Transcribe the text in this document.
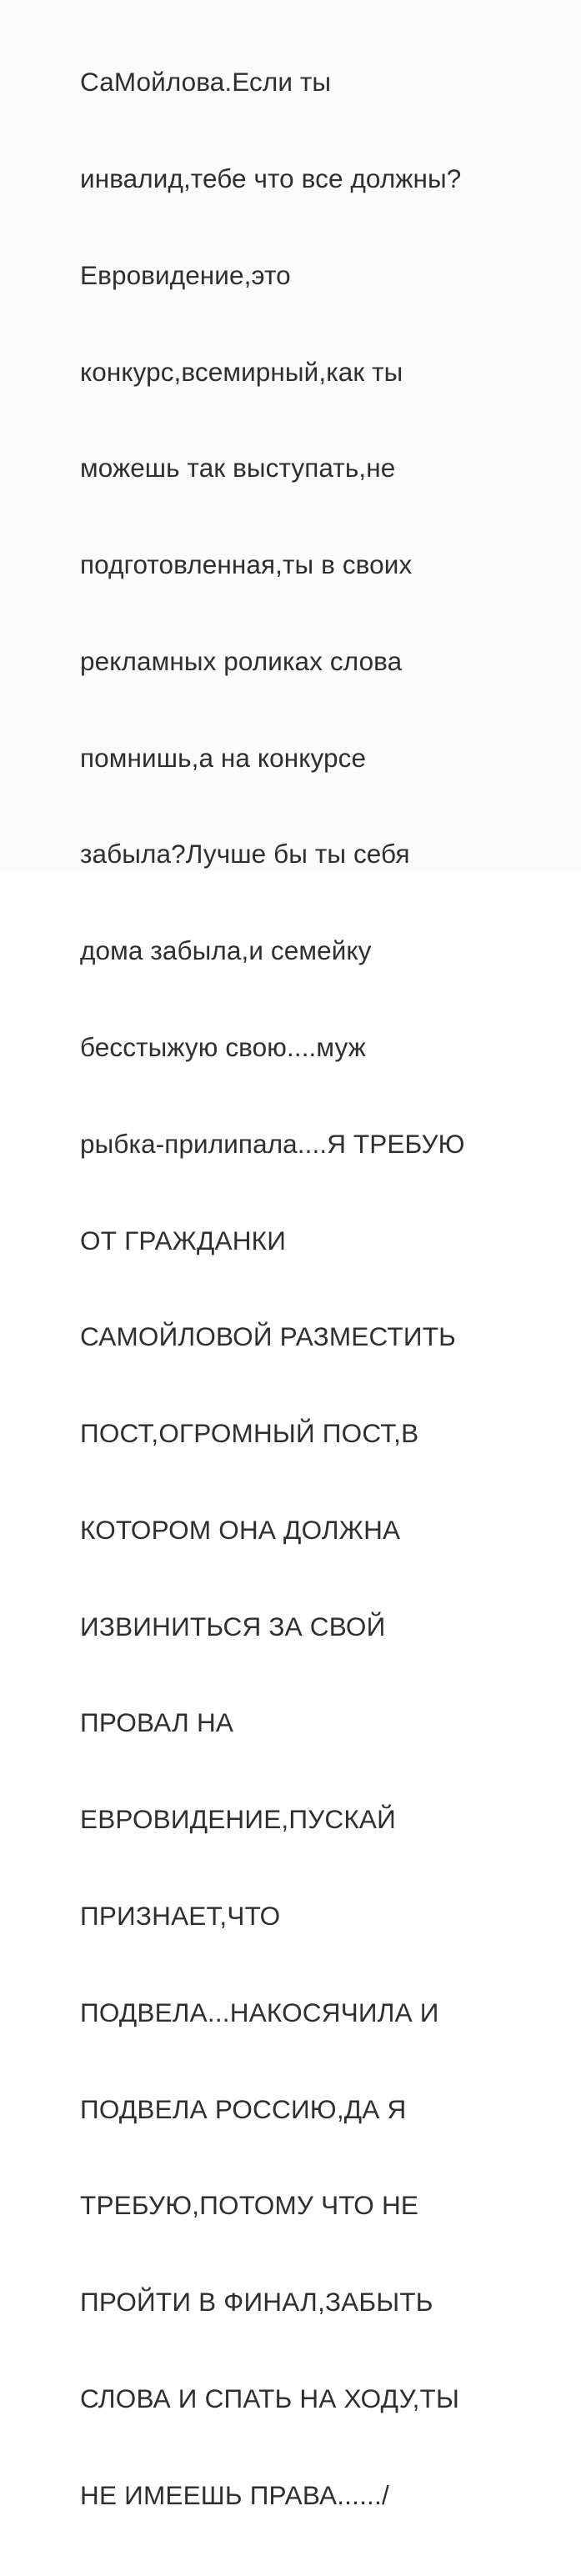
СаМойлова.Если ты

инвалид,тебе что все должны?

Евровидение,это

конкурс,всемирный,как ты

можешь так выступать,не

подготовленная,ты в своих

рекламных роликах слова

помнишь,а на конкурсе

забыла?Лучше бы ты себя

дома забыла,и семейку

бесстыжую свою....муж

рыбка-прилипала....Я ТРЕБУЮ

ОТ ГРАЖДАНКИ

САМОЙЛОВОЙ РАЗМЕСТИТЬ

ПОСТ,ОГРОМНЫЙ ПОСТ,В

КОТОРОМ ОНА ДОЛЖНА

ИЗВИНИТЬСЯ ЗА СВОЙ

ПРОВАЛ НА

ЕВРОВИДЕНИЕ,ПУСКАЙ

ПРИЗНАЕТ,ЧТО

ПОДВЕЛА...НАКОСЯЧИЛА И

ПОДВЕЛА РОССИЮ,ДА Я

ТРЕБУЮ,ПОТОМУ ЧТО НЕ

ПРОЙТИ В ФИНАЛ,ЗАБЫТЬ

СЛОВА И СПАТЬ НА ХОДУ,ТЫ

НЕ ИМЕЕШЬ ПРАВА....../
